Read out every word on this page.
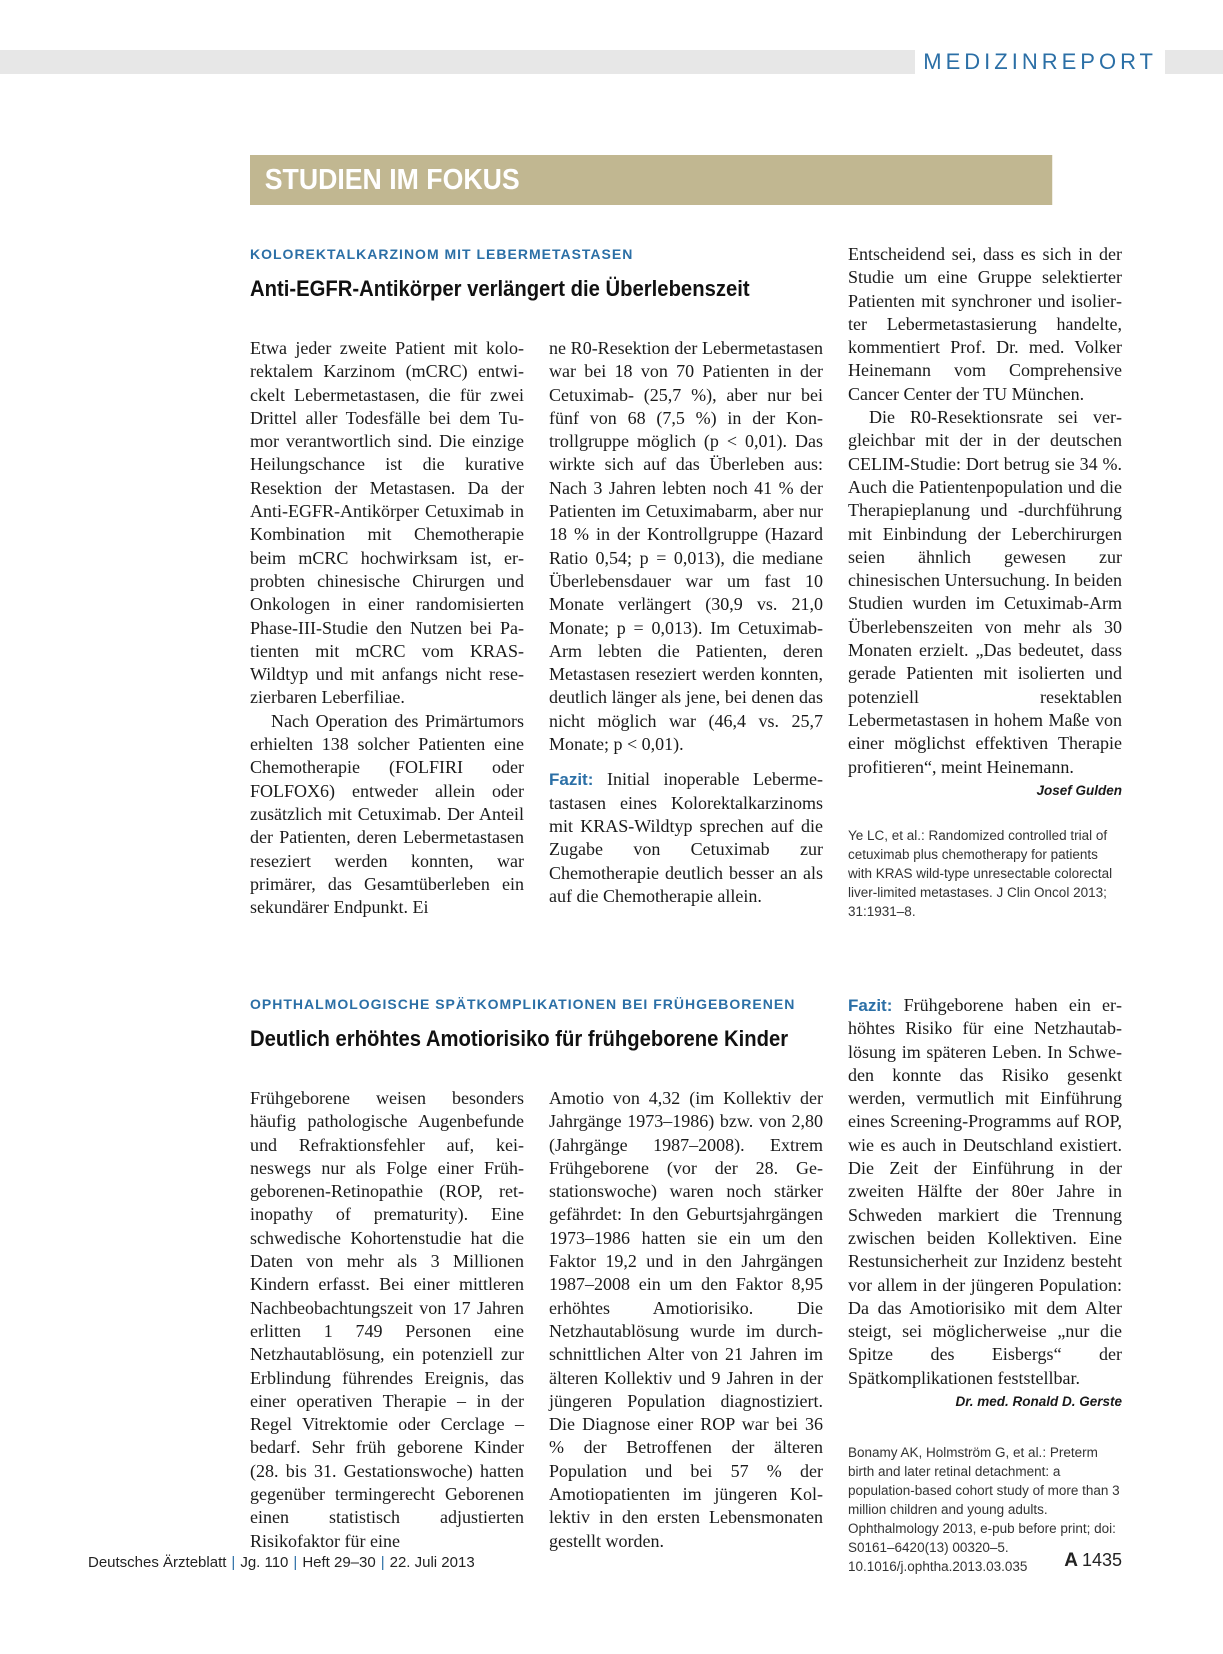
MEDIZINREPORT
STUDIEN IM FOKUS
KOLOREKTALKARZINOM MIT LEBERMETASTASEN
Anti-EGFR-Antikörper verlängert die Überlebenszeit

Etwa jeder zweite Patient mit kolorektalem Karzinom (mCRC) entwickelt Lebermetastasen, die für zwei Drittel aller Todesfälle bei dem Tumor verantwortlich sind. Die einzige Heilungschance ist die kurative Resektion der Metastasen. Da der Anti-EGFR-Antikörper Cetuximab in Kombination mit Chemotherapie beim mCRC hochwirksam ist, erprobten chinesische Chirurgen und Onkologen in einer randomisierten Phase-III-Studie den Nutzen bei Patienten mit mCRC vom KRAS-Wildtyp und mit anfangs nicht resezierbaren Leberfiliae.

Nach Operation des Primärtumors erhielten 138 solcher Patienten eine Chemotherapie (FOLFIRI oder FOLFOX6) entweder allein oder zusätzlich mit Cetuximab. Der Anteil der Patienten, deren Lebermetastasen reseziert werden konnten, war primärer, das Gesamtüberleben ein sekundärer Endpunkt. Ei

ne R0-Resektion der Lebermetastasen war bei 18 von 70 Patienten in der Cetuximab- (25,7 %), aber nur bei fünf von 68 (7,5 %) in der Kontrollgruppe möglich (p < 0,01). Das wirkte sich auf das Überleben aus: Nach 3 Jahren lebten noch 41 % der Patienten im Cetuximabarm, aber nur 18 % in der Kontrollgruppe (Hazard Ratio 0,54; p = 0,013), die mediane Überlebensdauer war um fast 10 Monate verlängert (30,9 vs. 21,0 Monate; p = 0,013). Im Cetuximab-Arm lebten die Patienten, deren Metastasen reseziert werden konnten, deutlich länger als jene, bei denen das nicht möglich war (46,4 vs. 25,7 Monate; p < 0,01).

Fazit: Initial inoperable Lebermetastasen eines Kolorektalkarzinoms mit KRAS-Wildtyp sprechen auf die Zugabe von Cetuximab zur Chemotherapie deutlich besser an als auf die Chemotherapie allein.

Entscheidend sei, dass es sich in der Studie um eine Gruppe selektierter Patienten mit synchroner und isolierter Lebermetastasierung handelte, kommentiert Prof. Dr. med. Volker Heinemann vom Comprehensive Cancer Center der TU München.

Die R0-Resektionsrate sei vergleichbar mit der in der deutschen CELIM-Studie: Dort betrug sie 34 %. Auch die Patientenpopulation und die Therapieplanung und -durchführung mit Einbindung der Leberchirurgen seien ähnlich gewesen zur chinesischen Untersuchung. In beiden Studien wurden im Cetuximab-Arm Überlebenszeiten von mehr als 30 Monaten erzielt. „Das bedeutet, dass gerade Patienten mit isolierten und potenziell resektablen Lebermetastasen in hohem Maße von einer möglichst effektiven Therapie profitieren“, meint Heinemann.
Josef Gulden

Ye LC, et al.: Randomized controlled trial of cetuximab plus chemotherapy for patients with KRAS wild-type unresectable colorectal liver-limited metastases. J Clin Oncol 2013; 31:1931–8.
OPHTHALMOLOGISCHE SPÄTKOMPLIKATIONEN BEI FRÜHGEBORENEN
Deutlich erhöhtes Amotiorisiko für frühgeborene Kinder

Frühgeborene weisen besonders häufig pathologische Augenbefunde und Refraktionsfehler auf, keineswegs nur als Folge einer Frühgeborenen-Retinopathie (ROP, retinopathy of prematurity). Eine schwedische Kohortenstudie hat die Daten von mehr als 3 Millionen Kindern erfasst. Bei einer mittleren Nachbeobachtungszeit von 17 Jahren erlitten 1 749 Personen eine Netzhautablösung, ein potenziell zur Erblindung führendes Ereignis, das einer operativen Therapie – in der Regel Vitrektomie oder Cerclage – bedarf. Sehr früh geborene Kinder (28. bis 31. Gestationswoche) hatten gegenüber termingerecht Geborenen einen statistisch adjustierten Risikofaktor für eine

Amotio von 4,32 (im Kollektiv der Jahrgänge 1973–1986) bzw. von 2,80 (Jahrgänge 1987–2008). Extrem Frühgeborene (vor der 28. Gestationswoche) waren noch stärker gefährdet: In den Geburtsjahrgängen 1973–1986 hatten sie ein um den Faktor 19,2 und in den Jahrgängen 1987–2008 ein um den Faktor 8,95 erhöhtes Amotiorisiko. Die Netzhautablösung wurde im durchschnittlichen Alter von 21 Jahren im älteren Kollektiv und 9 Jahren in der jüngeren Population diagnostiziert. Die Diagnose einer ROP war bei 36 % der Betroffenen der älteren Population und bei 57 % der Amotiopatienten im jüngeren Kollektiv in den ersten Lebensmonaten gestellt worden.

Fazit: Frühgeborene haben ein erhöhtes Risiko für eine Netzhautablösung im späteren Leben. In Schweden konnte das Risiko gesenkt werden, vermutlich mit Einführung eines Screening-Programms auf ROP, wie es auch in Deutschland existiert. Die Zeit der Einführung in der zweiten Hälfte der 80er Jahre in Schweden markiert die Trennung zwischen beiden Kollektiven. Eine Restunsicherheit zur Inzidenz besteht vor allem in der jüngeren Population: Da das Amotiorisiko mit dem Alter steigt, sei möglicherweise „nur die Spitze des Eisbergs“ der Spätkomplikationen feststellbar.

Dr. med. Ronald D. Gerste
Bonamy AK, Holmström G, et al.: Preterm birth and later retinal detachment: a population-based cohort study of more than 3 million children and young adults. Ophthalmology 2013, e-pub before print; doi: S0161–6420(13) 00320–5. 10.1016/j.ophtha.2013.03.035
Deutsches Ärzteblatt | Jg. 110 | Heft 29–30 | 22. Juli 2013	A 1435
